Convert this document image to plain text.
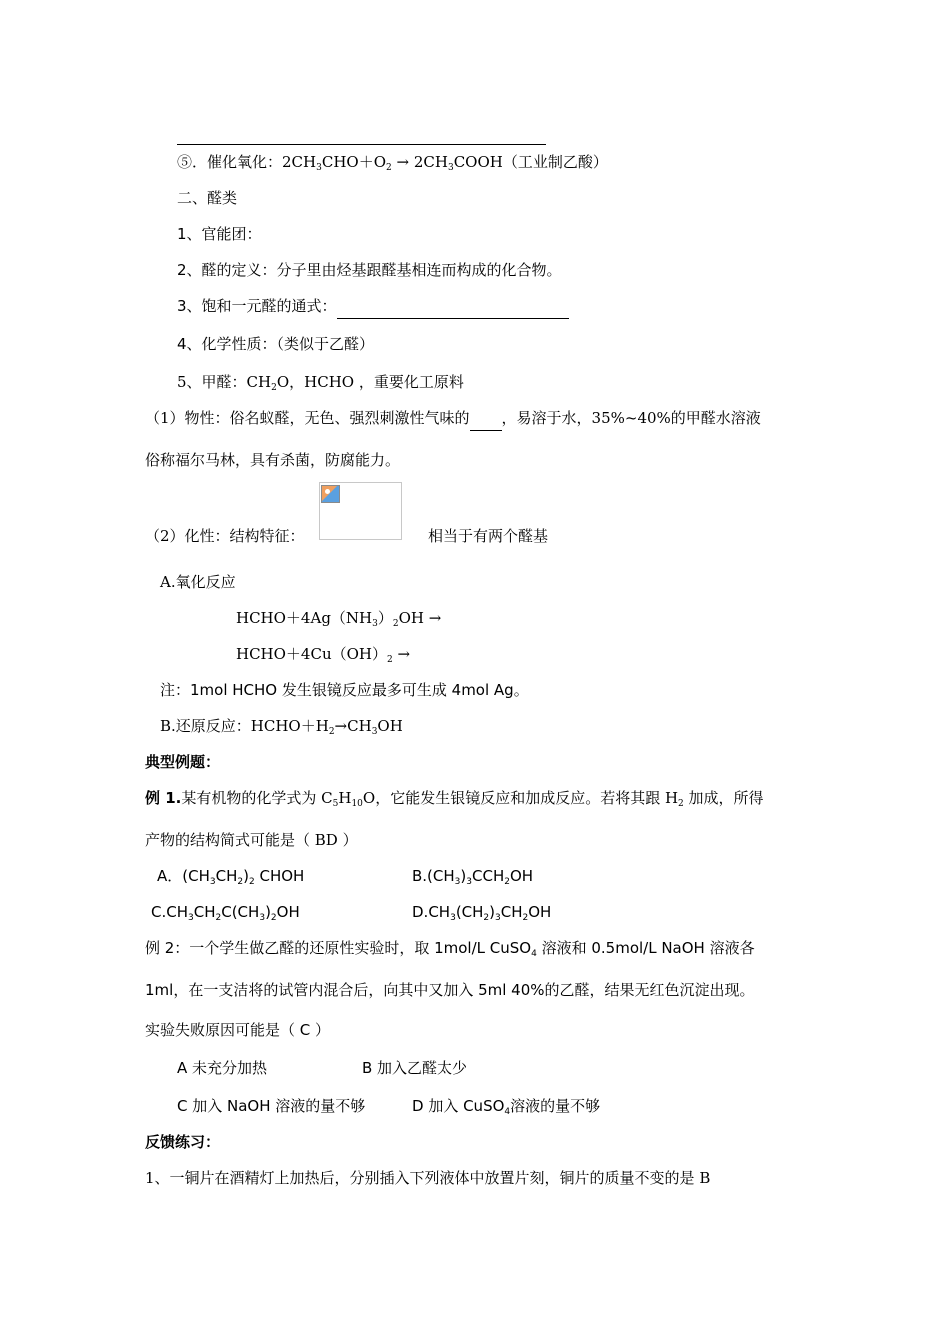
⑤．催化氧化：$2CH_3CHO+O_2$ → $2CH_3COOH$（工业制乙酸）
二、醛类
1、官能团：
2、醛的定义：分子里由烃基跟醛基相连而构成的化合物。
3、饱和一元醛的通式：
4、化学性质：（类似于乙醛）
5、甲醛：$CH_2O$，HCHO ，重要化工原料
（1）物性：俗名蚁醛，无色、强烈刺激性气味的 ，易溶于水，35%~40%的甲醛水溶液
俗称福尔马林，具有杀菌，防腐能力。
（2）化性：结构特征：	相当于有两个醛基
A.氧化反应
$HCHO+4Ag(NH_3)_2OH$ →
$HCHO+4Cu(OH)_2$ →
注：1mol HCHO 发生银镜反应最多可生成 4mol Ag。
B.还原反应：$HCHO+H_2\to CH_3OH$
典型例题：
例 1.某有机物的化学式为 $C_5H_{10}O$，它能发生银镜反应和加成反应。若将其跟 $H_2$ 加成，所得
产物的结构简式可能是（ BD ）
A．$(CH_3CH_2)_2$ CHOH	$B.(CH_3)_3CCH_2OH$
$C.CH_3CH_2C(CH_3)_2OH$	$D.CH_3(CH_2)_3CH_2OH$
例 2：一个学生做乙醛的还原性实验时，取 1mol/L CuSO$_4$ 溶液和 0.5mol/L NaOH 溶液各
1ml，在一支洁将的试管内混合后，向其中又加入 5ml 40%的乙醛，结果无红色沉淀出现。
实验失败原因可能是（ C ）
A 未充分加热	B 加入乙醛太少
C 加入 NaOH 溶液的量不够	D 加入 CuSO$_4$溶液的量不够
反馈练习：
1、一铜片在酒精灯上加热后，分别插入下列液体中放置片刻，铜片的质量不变的是 B
